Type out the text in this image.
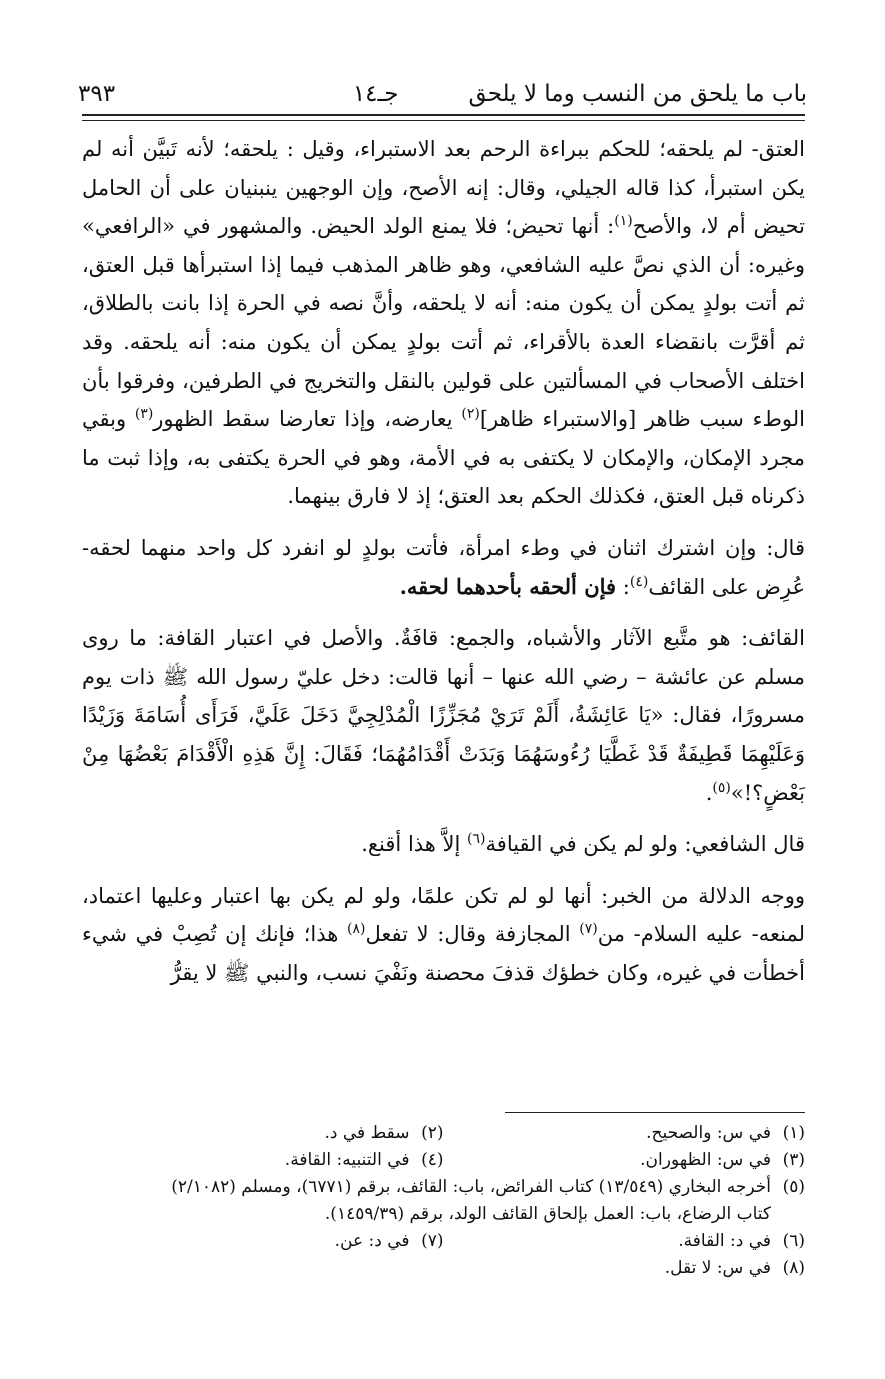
باب ما يلحق من النسب وما لا يلحق
جـ١٤
٣٩٣

العتق- لم يلحقه؛ للحكم ببراءة الرحم بعد الاستبراء، وقيل : يلحقه؛ لأنه تَبيَّن أنه لم يكن استبرأ، كذا قاله الجيلي، وقال: إنه الأصح، وإن الوجهين ينبنيان على أن الحامل تحيض أم لا، والأصح$^{(١)}$: أنها تحيض؛ فلا يمنع الولد الحيض. والمشهور في «الرافعي» وغيره: أن الذي نصَّ عليه الشافعي، وهو ظاهر المذهب فيما إذا استبرأها قبل العتق، ثم أتت بولدٍ يمكن أن يكون منه: أنه لا يلحقه، وأنَّ نصه في الحرة إذا بانت بالطلاق، ثم أقرَّت بانقضاء العدة بالأقراء، ثم أتت بولدٍ يمكن أن يكون منه: أنه يلحقه. وقد اختلف الأصحاب في المسألتين على قولين بالنقل والتخريج في الطرفين، وفرقوا بأن الوطء سبب ظاهر [والاستبراء ظاهر]$^{(٢)}$ يعارضه، وإذا تعارضا سقط الظهور$^{(٣)}$ وبقي مجرد الإمكان، والإمكان لا يكتفى به في الأمة، وهو في الحرة يكتفى به، وإذا ثبت ما ذكرناه قبل العتق، فكذلك الحكم بعد العتق؛ إذ لا فارق بينهما.

قال: وإن اشترك اثنان في وطء امرأة، فأتت بولدٍ لو انفرد كل واحد منهما لحقه- عُرِض على القائف$^{(٤)}$: فإن ألحقه بأحدهما لحقه.

القائف: هو متَّبع الآثار والأشباه، والجمع: قافَةٌ. والأصل في اعتبار القافة: ما روى مسلم عن عائشة – رضي الله عنها – أنها قالت: دخل عليّ رسول الله ﷺ ذات يوم مسرورًا، فقال: «يَا عَائِشَةُ، أَلَمْ تَرَيْ مُجَزِّزًا الْمُدْلِجِيَّ دَخَلَ عَلَيَّ، فَرَأَى أُسَامَةَ وَزَيْدًا وَعَلَيْهِمَا قَطِيفَةٌ قَدْ غَطَّيَا رُءُوسَهُمَا وَبَدَتْ أَقْدَامُهُمَا؛ فَقَالَ: إِنَّ هَذِهِ الْأَقْدَامَ بَعْضُهَا مِنْ بَعْضٍ؟!»$^{(٥)}$.

قال الشافعي: ولو لم يكن في القيافة$^{(٦)}$ إلاَّ هذا أقنع.

ووجه الدلالة من الخبر: أنها لو لم تكن علمًا، ولو لم يكن بها اعتبار وعليها اعتماد، لمنعه- عليه السلام- من$^{(٧)}$ المجازفة وقال: لا تفعل$^{(٨)}$ هذا؛ فإنك إن تُصِبْ في شيء أخطأت في غيره، وكان خطؤك قذفَ محصنة ونَفْيَ نسب، والنبي ﷺ لا يقرُّ

(١)في س: والصحيح.
(٢)سقط في د.
(٣)في س: الظهوران.
(٤)في التنبيه: القافة.
(٥)أخرجه البخاري (١٣/٥٤٩) كتاب الفرائض، باب: القائف، برقم (٦٧٧١)، ومسلم (٢/١٠٨٢)
كتاب الرضاع، باب: العمل بإلحاق القائف الولد، برقم (١٤٥٩/٣٩).
(٦)في د: القافة.
(٧)في د: عن.
(٨)في س: لا تقل.
